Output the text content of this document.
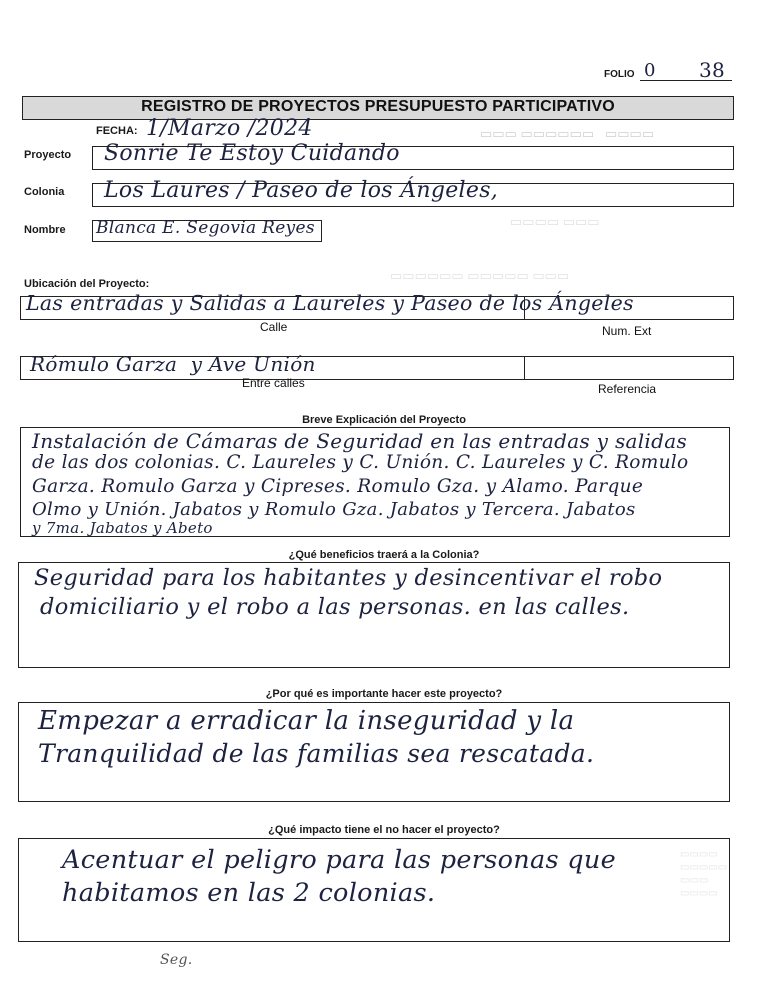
▭▭▭ ▭▭▭▭▭▭   ▭▭▭▭
▭▭▭▭ ▭▭▭
▭▭▭▭▭▭ ▭▭▭▭▭ ▭▭▭
▭▭▭▭
▭▭▭▭▭
▭▭▭
▭▭▭▭
FOLIO 0 38
REGISTRO DE PROYECTOS PRESUPUESTO PARTICIPATIVO
FECHA: 1/Marzo /2024
Proyecto Sonrie Te Estoy Cuidando
Colonia Los Laures / Paseo de los Ángeles,
Nombre Blanca E. Segovia Reyes
Ubicación del Proyecto:
Las entradas y Salidas a Laureles y Paseo de los Ángeles
Calle	Num. Ext
Rómulo Garza  y Ave Unión
Entre calles	Referencia
Breve Explicación del Proyecto
Instalación de Cámaras de Seguridad en las entradas y salidas
de las dos colonias. C. Laureles y C. Unión. C. Laureles y C. Romulo
Garza. Romulo Garza y Cipreses. Romulo Gza. y Alamo. Parque
Olmo y Unión. Jabatos y Romulo Gza. Jabatos y Tercera. Jabatos
y 7ma. Jabatos y Abeto
¿Qué beneficios traerá a la Colonia?
Seguridad para los habitantes y desincentivar el robo
domiciliario y el robo a las personas. en las calles.
¿Por qué es importante hacer este proyecto?
Empezar a erradicar la inseguridad y la
Tranquilidad de las familias sea rescatada.
¿Qué impacto tiene el no hacer el proyecto?
Acentuar el peligro para las personas que
habitamos en las 2 colonias.
Seg.
